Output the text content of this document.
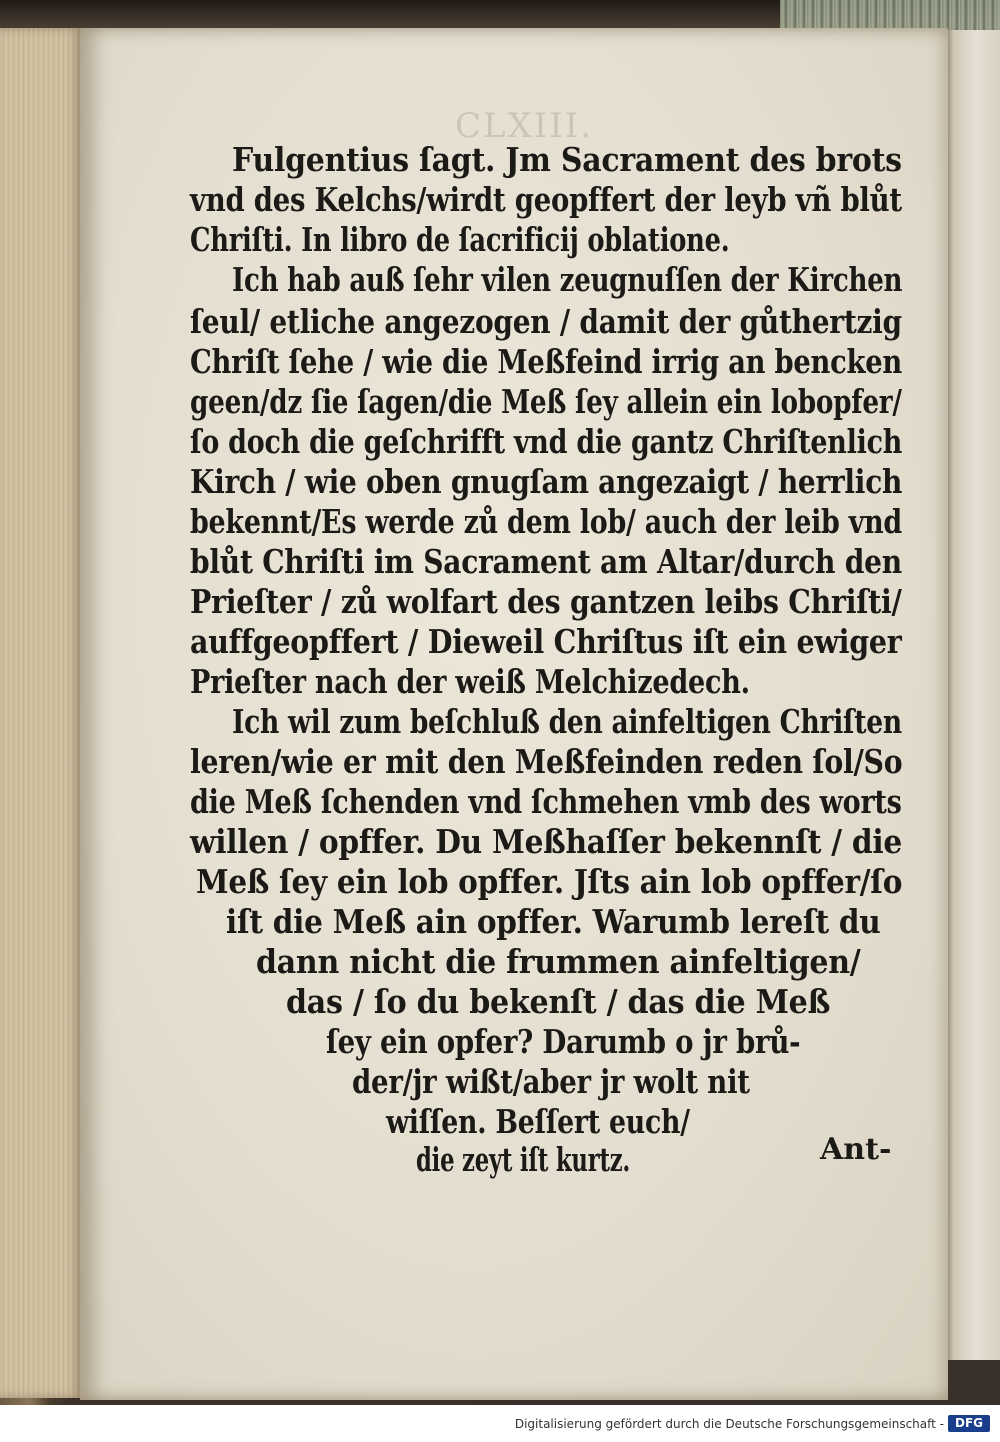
CLXIII.
Fulgentius ſagt. Jm Sacrament des brots
vnd des Kelchs/wirdt geopffert der leyb vñ blůt
Chriſti. In libro de ſacrificij oblatione.
Ich hab auß ſehr vilen zeugnuſſen der Kirchen
ſeul/ etliche angezogen / damit der gůthertzig
Chriſt ſehe / wie die Meßfeind irrig an bencken
geen/dz ſie ſagen/die Meß ſey allein ein lobopfer/
ſo doch die geſchrifft vnd die gantz Chriſtenlich
Kirch / wie oben gnugſam angezaigt / herrlich
bekennt/Es werde zů dem lob/ auch der leib vnd
blůt Chriſti im Sacrament am Altar/durch den
Prieſter / zů wolfart des gantzen leibs Chriſti/
auffgeopffert / Dieweil Chriſtus iſt ein ewiger
Prieſter nach der weiß Melchizedech.
Ich wil zum beſchluß den ainfeltigen Chriſten
leren/wie er mit den Meßfeinden reden ſol/So
die Meß ſchenden vnd ſchmehen vmb des worts
willen / opffer. Du Meßhaſſer bekennſt / die
Meß ſey ein lob opffer. Jſts ain lob opffer/ſo
iſt die Meß ain opffer. Warumb lereſt du
dann nicht die frummen ainfeltigen/
das / ſo du bekenſt / das die Meß
ſey ein opfer? Darumb o jr brů-
der/jr wißt/aber jr wolt nit
wiſſen. Beſſert euch/
die zeyt iſt kurtz.	Ant-
Digitalisierung gefördert durch die Deutsche Forschungsgemeinschaft - DFG
